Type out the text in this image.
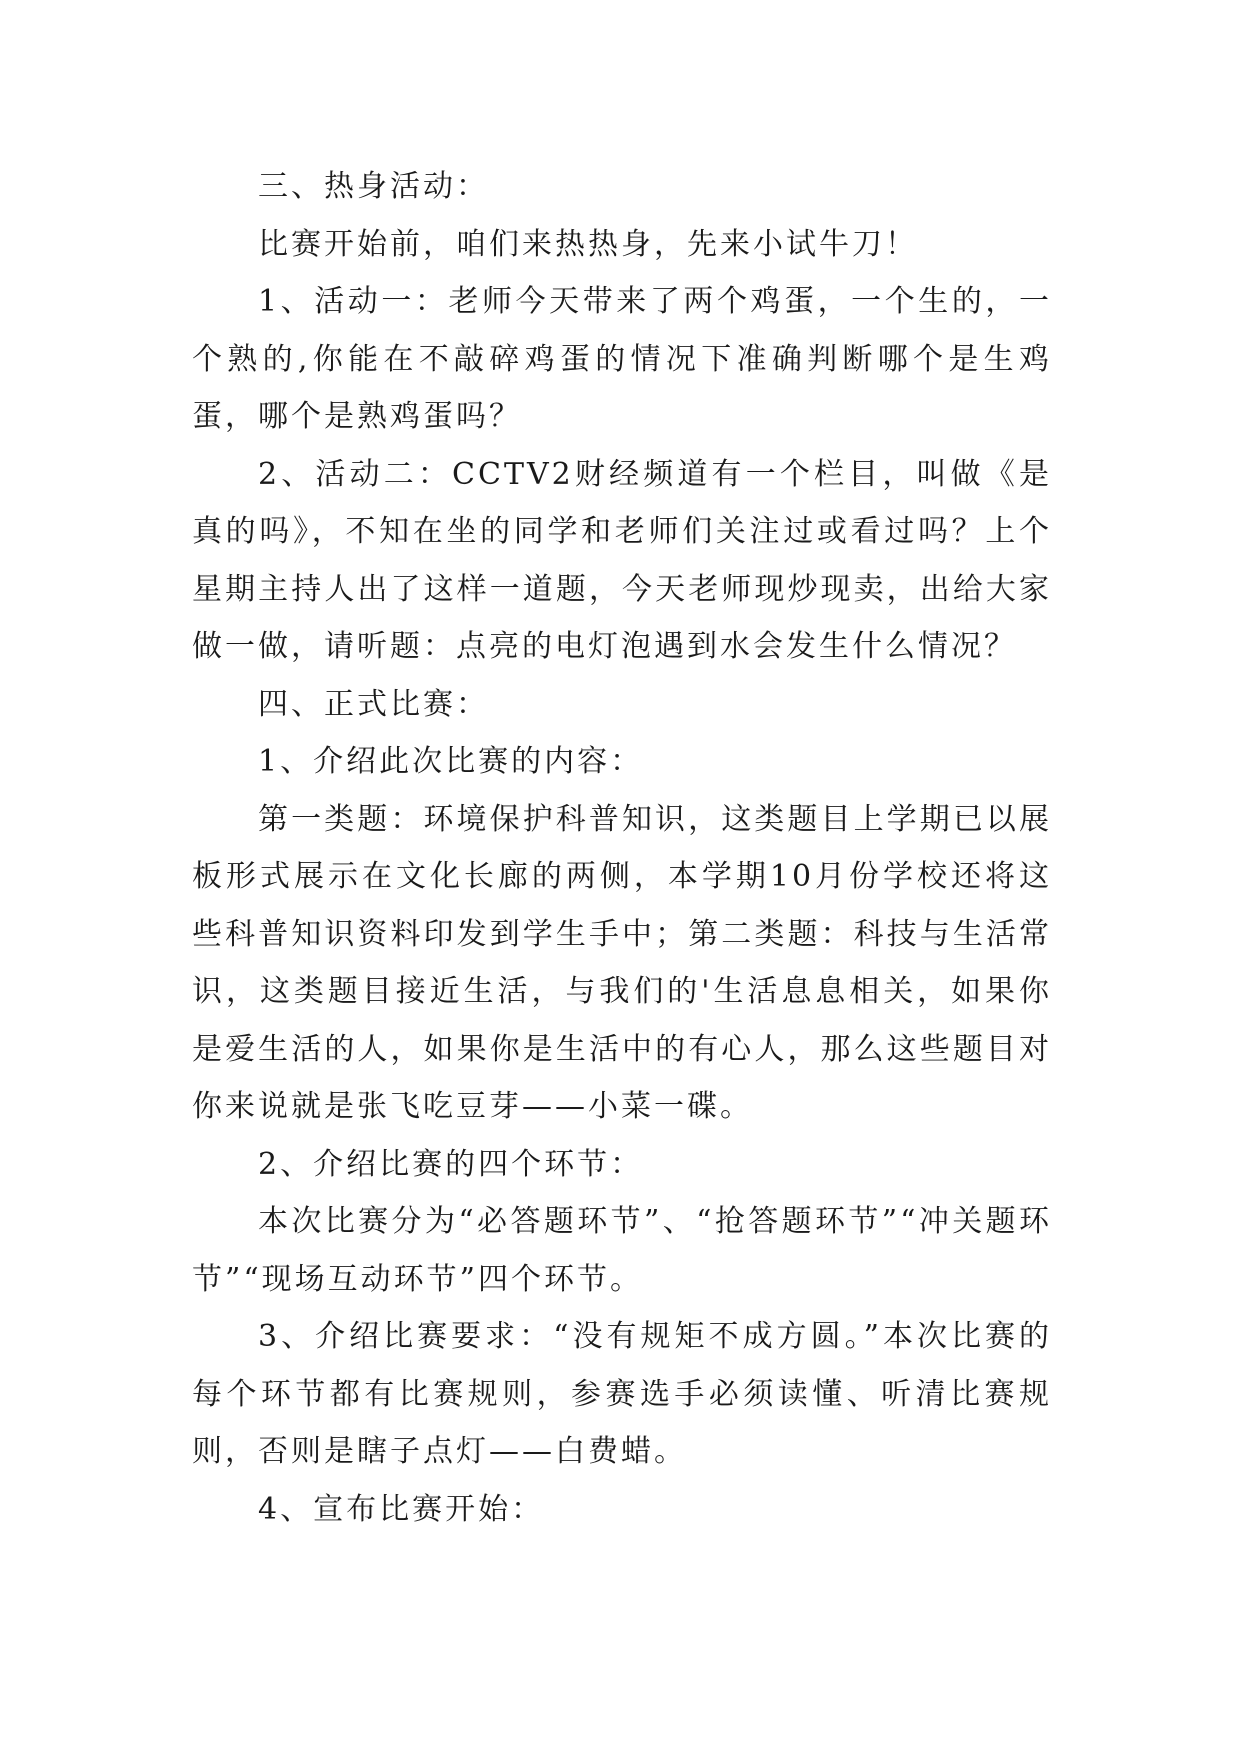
三、热身活动：

比赛开始前，咱们来热热身，先来小试牛刀！

1、活动一：老师今天带来了两个鸡蛋，一个生的，一个熟的,你能在不敲碎鸡蛋的情况下准确判断哪个是生鸡蛋，哪个是熟鸡蛋吗？

2、活动二：CCTV2财经频道有一个栏目，叫做《是真的吗》，不知在坐的同学和老师们关注过或看过吗？上个星期主持人出了这样一道题，今天老师现炒现卖，出给大家做一做，请听题：点亮的电灯泡遇到水会发生什么情况？

四、正式比赛：

1、介绍此次比赛的内容：

第一类题：环境保护科普知识，这类题目上学期已以展板形式展示在文化长廊的两侧，本学期10月份学校还将这些科普知识资料印发到学生手中；第二类题：科技与生活常识，这类题目接近生活，与我们的'生活息息相关，如果你是爱生活的人，如果你是生活中的有心人，那么这些题目对你来说就是张飞吃豆芽——小菜一碟。

2、介绍比赛的四个环节：

本次比赛分为“必答题环节”、“抢答题环节”“冲关题环节”“现场互动环节”四个环节。

3、介绍比赛要求：“没有规矩不成方圆。”本次比赛的每个环节都有比赛规则，参赛选手必须读懂、听清比赛规则，否则是瞎子点灯——白费蜡。

4、宣布比赛开始：
